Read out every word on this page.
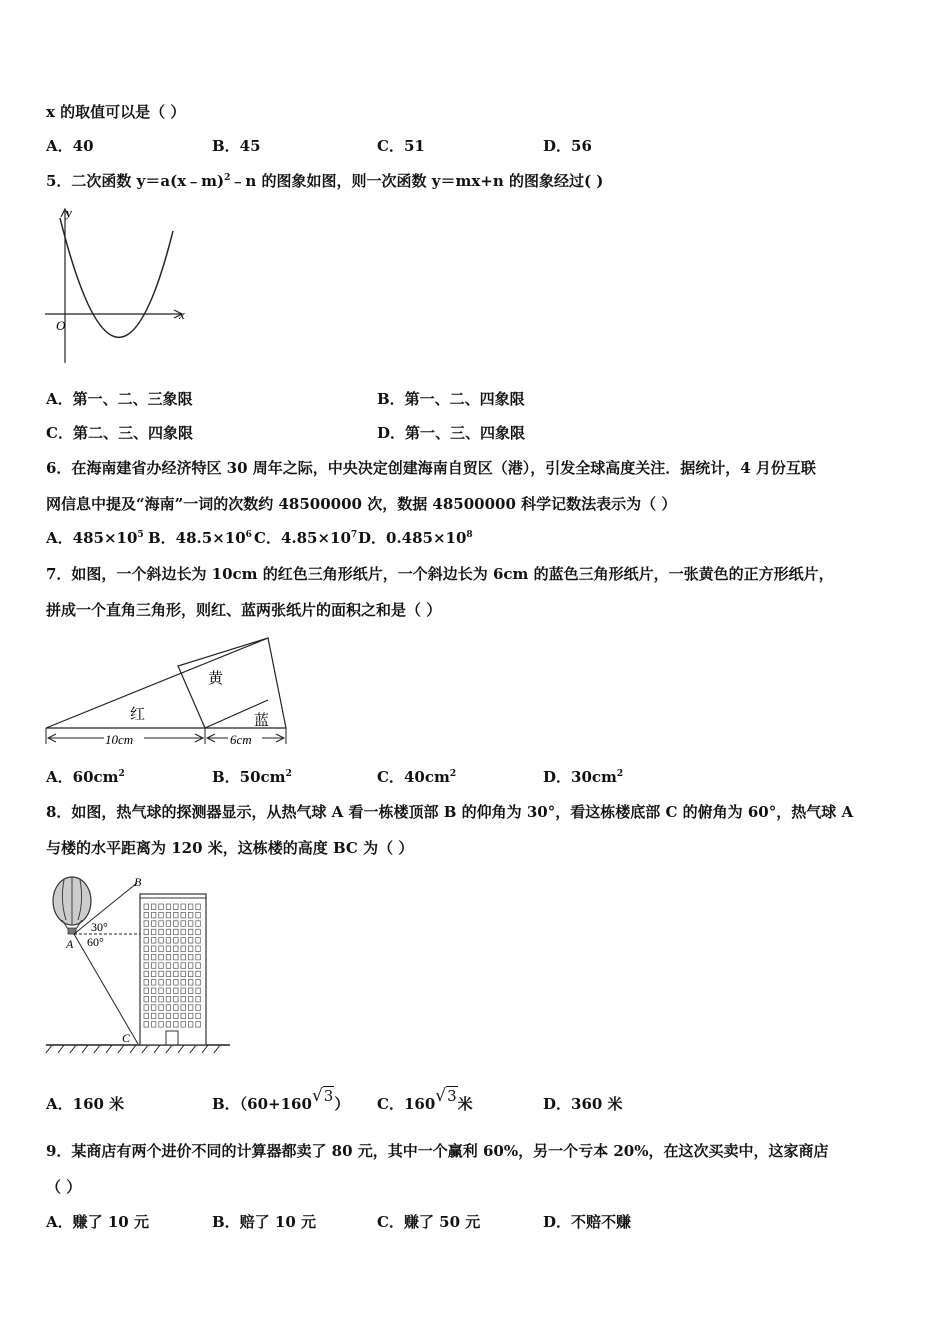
x 的取值可以是（ ）
A．40	B．45	C．51	D．56
5．二次函数 y＝a(x﹣m)$^2$﹣n 的图象如图，则一次函数 y＝mx+n 的图象经过( )
y
x
O
A．第一、二、三象限	B．第一、二、四象限
C．第二、三、四象限	D．第一、三、四象限
6．在海南建省办经济特区 30 周年之际，中央决定创建海南自贸区（港），引发全球高度关注．据统计，4 月份互联
网信息中提及“海南”一词的次数约 48500000 次，数据 48500000 科学记数法表示为（ ）
A．$485\times 10^5$ B．$48.5\times 10^6$ C．$4.85\times 10^7$ D．$0.485\times 10^8$
7．如图，一个斜边长为 10cm 的红色三角形纸片，一个斜边长为 6cm 的蓝色三角形纸片，一张黄色的正方形纸片，
拼成一个直角三角形，则红、蓝两张纸片的面积之和是（ ）
黄
红	蓝
10cm	6cm
A．$60cm^2$	B．$50cm^2$	C．$40cm^2$	D．$30cm^2$
8．如图，热气球的探测器显示，从热气球 A 看一栋楼顶部 B 的仰角为 30°，看这栋楼底部 C 的俯角为 60°，热气球 A
与楼的水平距离为 120 米，这栋楼的高度 BC 为（ ）
B
A
C
30°
60°
A．160 米	B．（60+160√3） C．160√3米	D．360 米
9．某商店有两个进价不同的计算器都卖了 80 元，其中一个赢利 60%，另一个亏本 20%，在这次买卖中，这家商店
（ ）
A．赚了 10 元	B．赔了 10 元	C．赚了 50 元	D．不赔不赚
